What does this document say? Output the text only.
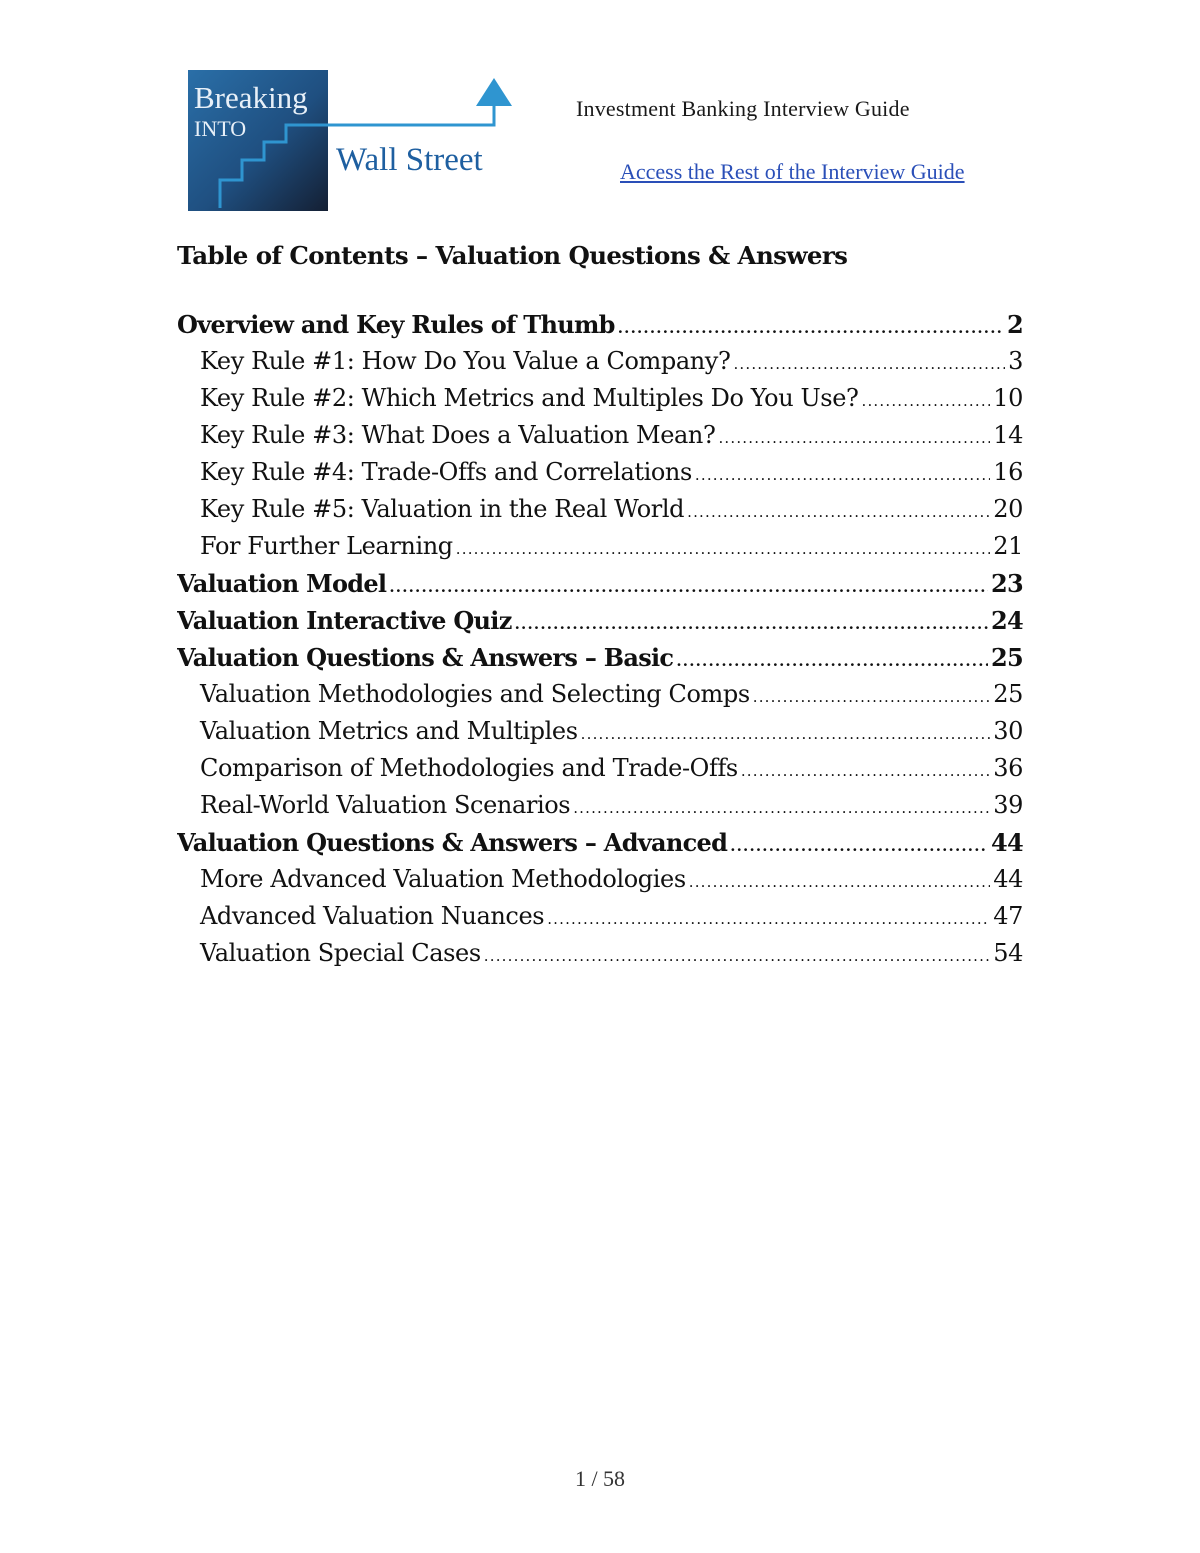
Breaking
INTO
Wall Street
Investment Banking Interview Guide
Access the Rest of the Interview Guide
Table of Contents – Valuation Questions & Answers
Overview and Key Rules of Thumb .....	2
Key Rule #1: How Do You Value a Company? .....	3
Key Rule #2: Which Metrics and Multiples Do You Use? .....	10
Key Rule #3: What Does a Valuation Mean? .....	14
Key Rule #4: Trade-Offs and Correlations .....	16
Key Rule #5: Valuation in the Real World .....	20
For Further Learning .....	21
Valuation Model .....	23
Valuation Interactive Quiz .....	24
Valuation Questions & Answers – Basic .....	25
Valuation Methodologies and Selecting Comps .....	25
Valuation Metrics and Multiples .....	30
Comparison of Methodologies and Trade-Offs .....	36
Real-World Valuation Scenarios .....	39
Valuation Questions & Answers – Advanced .....	44
More Advanced Valuation Methodologies .....	44
Advanced Valuation Nuances .....	47
Valuation Special Cases .....	54
1 / 58
